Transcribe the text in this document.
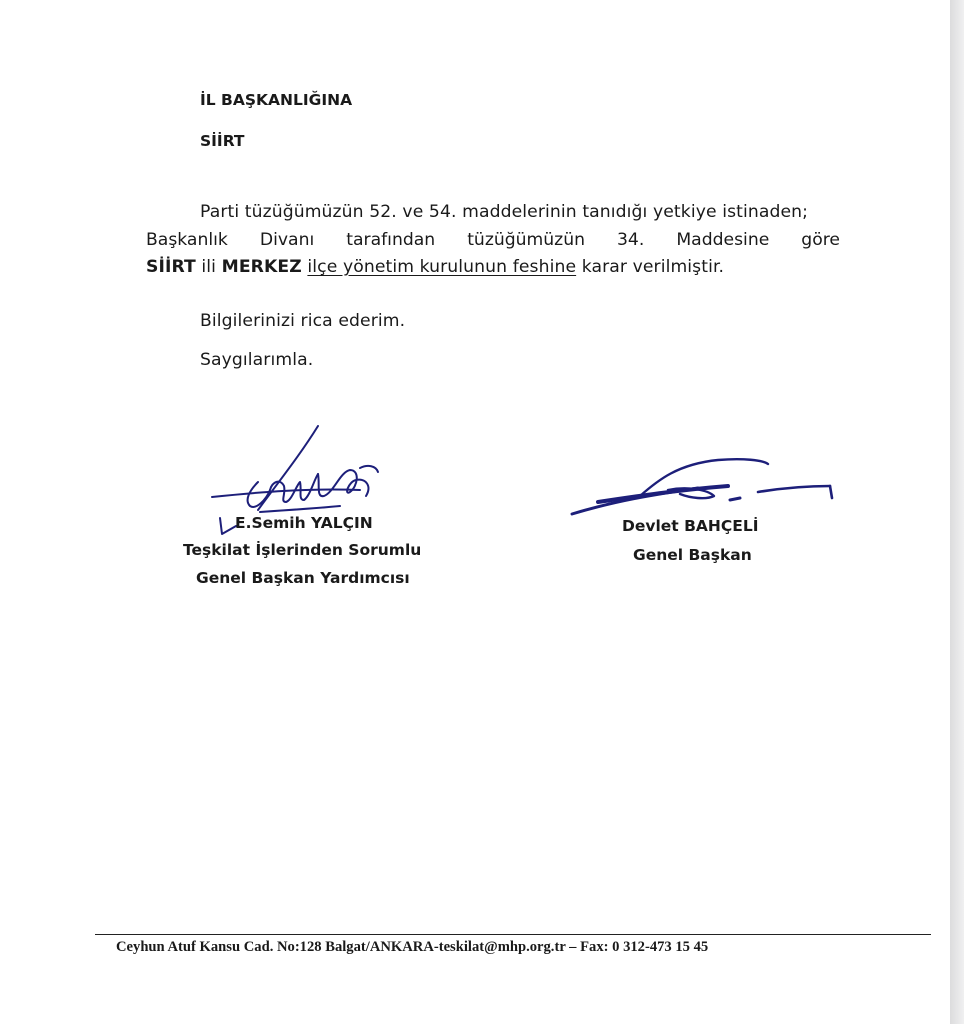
İL BAŞKANLIĞINA
SİİRT
Parti tüzüğümüzün 52. ve 54. maddelerinin tanıdığı yetkiye istinaden;
Başkanlık Divanı tarafından tüzüğümüzün 34. Maddesine göre
SİİRT ili MERKEZ ilçe yönetim kurulunun feshine karar verilmiştir.
Bilgilerinizi rica ederim.
Saygılarımla.
E.Semih YALÇIN
Teşkilat İşlerinden Sorumlu
Genel Başkan Yardımcısı
Devlet BAHÇELİ
Genel Başkan
Ceyhun Atuf Kansu Cad. No:128 Balgat/ANKARA-teskilat@mhp.org.tr – Fax: 0 312-473 15 45
